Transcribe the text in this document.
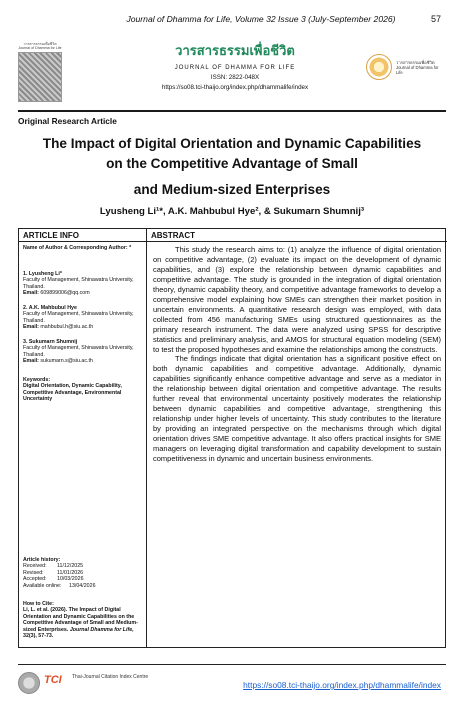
Journal of Dhamma for Life, Volume 32 Issue 3 (July-September 2026)	57
วารสารธรรมเพื่อชีวิต
Journal of Dhamma for Life	วารสารธรรมเพื่อชีวิต
JOURNAL OF DHAMMA FOR LIFE
ISSN: 2822-048X
https://so08.tci-thaijo.org/index.php/dhammalife/index
วารสารธรรมเพื่อชีวิต
Journal of Dhamma for Life
Original Research Article
The Impact of Digital Orientation and Dynamic Capabilities
on the Competitive Advantage of Small
and Medium-sized Enterprises
Lyusheng Li¹*, A.K. Mahbubul Hye², & Sukumarn Shumnij³
ARTICLE INFO	ABSTRACT
Name of Author & Corresponding Author: *
1. Lyusheng Li*
Faculty of Management, Shinawatra University, Thailand.
Email: 609899006@qq.com
2. A.K. Mahbubul Hye
Faculty of Management, Shinawatra University, Thailand.
Email: mahbubul.h@siu.ac.th
3. Sukumarn Shumnij
Faculty of Management, Shinawatra University, Thailand.
Email: sukumarn.s@siu.ac.th
Keywords:
Digital Orientation, Dynamic Capability, Competitive Advantage, Environmental Uncertainty
Article history:
Received:	11/12/2025
Revised:	11/01/2026
Accepted:	10/03/2026
Available online:	13/04/2026
How to Cite:
Li, L. et al. (2026). The Impact of Digital Orientation and Dynamic Capabilities on the Competitive Advantage of Small and Medium-sized Enterprises. Journal Dhamma for Life, 32(3), 57-73.

This study the research aims to: (1) analyze the influence of digital orientation on competitive advantage, (2) evaluate its impact on the development of dynamic capabilities, and (3) explore the relationship between dynamic capabilities and competitive advantage. The study is grounded in the integration of digital orientation theory, dynamic capability theory, and competitive advantage frameworks to develop a comprehensive model explaining how SMEs can strengthen their market position in uncertain environments. A quantitative research design was employed, with data collected from 456 manufacturing SMEs using structured questionnaires as the primary research instrument. The data were analyzed using SPSS for descriptive statistics and preliminary analysis, and AMOS for structural equation modeling (SEM) to test the proposed hypotheses and examine the relationships among the constructs.

The findings indicate that digital orientation has a significant positive effect on both dynamic capabilities and competitive advantage. Additionally, dynamic capabilities significantly enhance competitive advantage and serve as a mediator in the relationship between digital orientation and competitive advantage. The results further reveal that environmental uncertainty positively moderates the relationship between dynamic capabilities and competitive advantage, strengthening this relationship under higher levels of uncertainty. This study contributes to the literature by providing an integrated perspective on the mechanisms through which digital orientation drives SME competitive advantage. It also offers practical insights for SME managers on leveraging digital transformation and capability development to sustain competitiveness in dynamic and uncertain business environments.

TCI Thai-Journal Citation Index Centre
https://so08.tci-thaijo.org/index.php/dhammalife/index
